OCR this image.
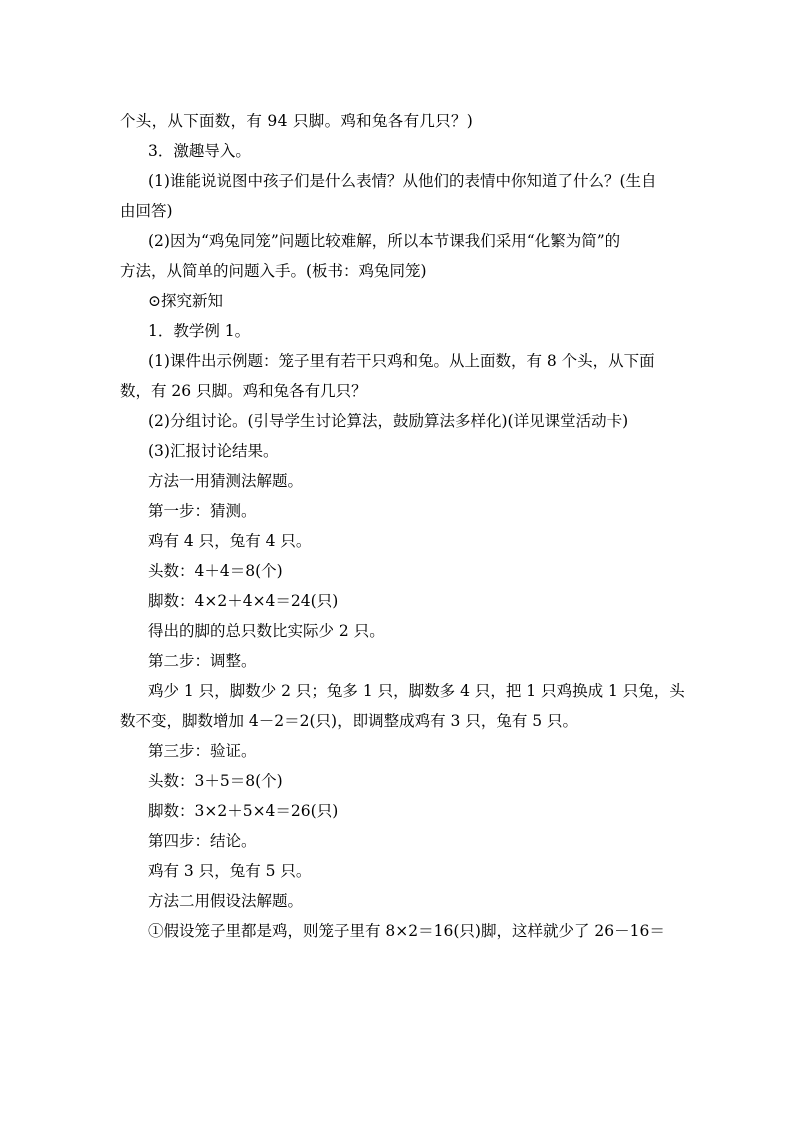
个头，从下面数，有 94 只脚。鸡和兔各有几只？)

3．激趣导入。

(1)谁能说说图中孩子们是什么表情？从他们的表情中你知道了什么？(生自

由回答)

(2)因为“鸡兔同笼”问题比较难解，所以本节课我们采用“化繁为简”的

方法，从简单的问题入手。(板书：鸡兔同笼)

⊙探究新知

1．教学例 1。

(1)课件出示例题：笼子里有若干只鸡和兔。从上面数，有 8 个头，从下面

数，有 26 只脚。鸡和兔各有几只？

(2)分组讨论。(引导学生讨论算法，鼓励算法多样化)(详见课堂活动卡)

(3)汇报讨论结果。

方法一用猜测法解题。

第一步：猜测。

鸡有 4 只，兔有 4 只。

头数：4＋4＝8(个)

脚数：4×2＋4×4＝24(只)

得出的脚的总只数比实际少 2 只。

第二步：调整。

鸡少 1 只，脚数少 2 只；兔多 1 只，脚数多 4 只，把 1 只鸡换成 1 只兔，头

数不变，脚数增加 4－2＝2(只)，即调整成鸡有 3 只，兔有 5 只。

第三步：验证。

头数：3＋5＝8(个)

脚数：3×2＋5×4＝26(只)

第四步：结论。

鸡有 3 只，兔有 5 只。

方法二用假设法解题。

①假设笼子里都是鸡，则笼子里有 8×2＝16(只)脚，这样就少了 26－16＝
